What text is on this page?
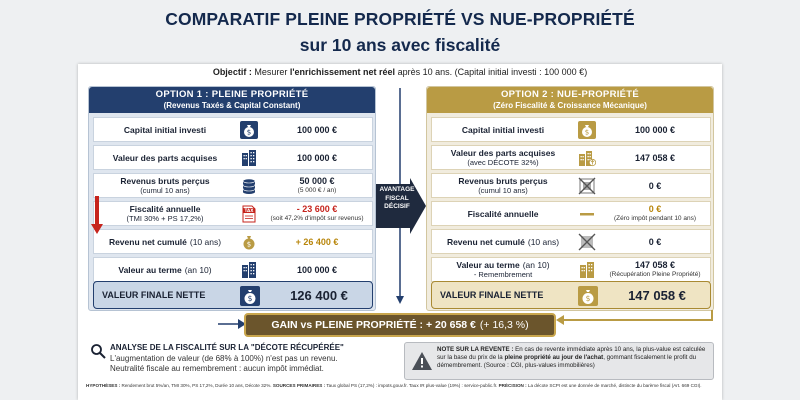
COMPARATIF PLEINE PROPRIÉTÉ VS NUE-PROPRIÉTÉ
sur 10 ans avec fiscalité
Objectif : Mesurer l'enrichissement net réel après 10 ans. (Capital initial investi : 100 000 €)
OPTION 1 : PLEINE PROPRIÉTÉ
(Revenus Taxés & Capital Constant)
Capital initial investi	$	100 000 €
Valeur des parts acquises	100 000 €
Revenus bruts perçus
(cumul 10 ans)
50 000 €
(5 000 € / an)
Fiscalité annuelle
(TMI 30% + PS 17,2%)
TAX	- 23 600 €
(soit 47,2% d'impôt sur revenus)
Revenu net cumulé (10 ans)	$	+ 26 400 €
Valeur au terme (an 10)	100 000 €
VALEUR FINALE NETTE	$	126 400 €
OPTION 2 : NUE-PROPRIÉTÉ
(Zéro Fiscalité & Croissance Mécanique)
Capital initial investi	$	100 000 €
Valeur des parts acquises
(avec DÉCOTE 32%)	147 058 €
Revenus bruts perçus
(cumul 10 ans)	0 €
Fiscalité annuelle	0 €
(Zéro impôt pendant 10 ans)
Revenu net cumulé (10 ans)	0 €
Valeur au terme (an 10)
- Remembrement
147 058 €
(Récupération Pleine Propriété)
VALEUR FINALE NETTE	$	147 058 €
AVANTAGE
FISCAL
DÉCISIF
GAIN vs PLEINE PROPRIÉTÉ : + 20 658 € (+ 16,3 %)
ANALYSE DE LA FISCALITÉ SUR LA "DÉCOTE RÉCUPÉRÉE"
L'augmentation de valeur (de 68% à 100%) n'est pas un revenu.
Neutralité fiscale au remembrement : aucun impôt immédiat.
NOTE SUR LA REVENTE : En cas de revente immédiate après 10 ans, la plus-value est calculée sur la base du prix de la pleine propriété au jour de l'achat, gommant fiscalement le profit du démembrement. (Source : CGI, plus-values immobilières)
HYPOTHÈSES : Rendement brut 5%/an, TMI 30%, PS 17,2%, Durée 10 ans, Décote 32%. SOURCES PRIMAIRES : Taux global PS (17,2%) : impots.gouv.fr. Taux IR plus-value (19%) : service-public.fr. PRÉCISION : La décote SCPI est une donnée de marché, distincte du barème fiscal (Art. 669 CGI).
